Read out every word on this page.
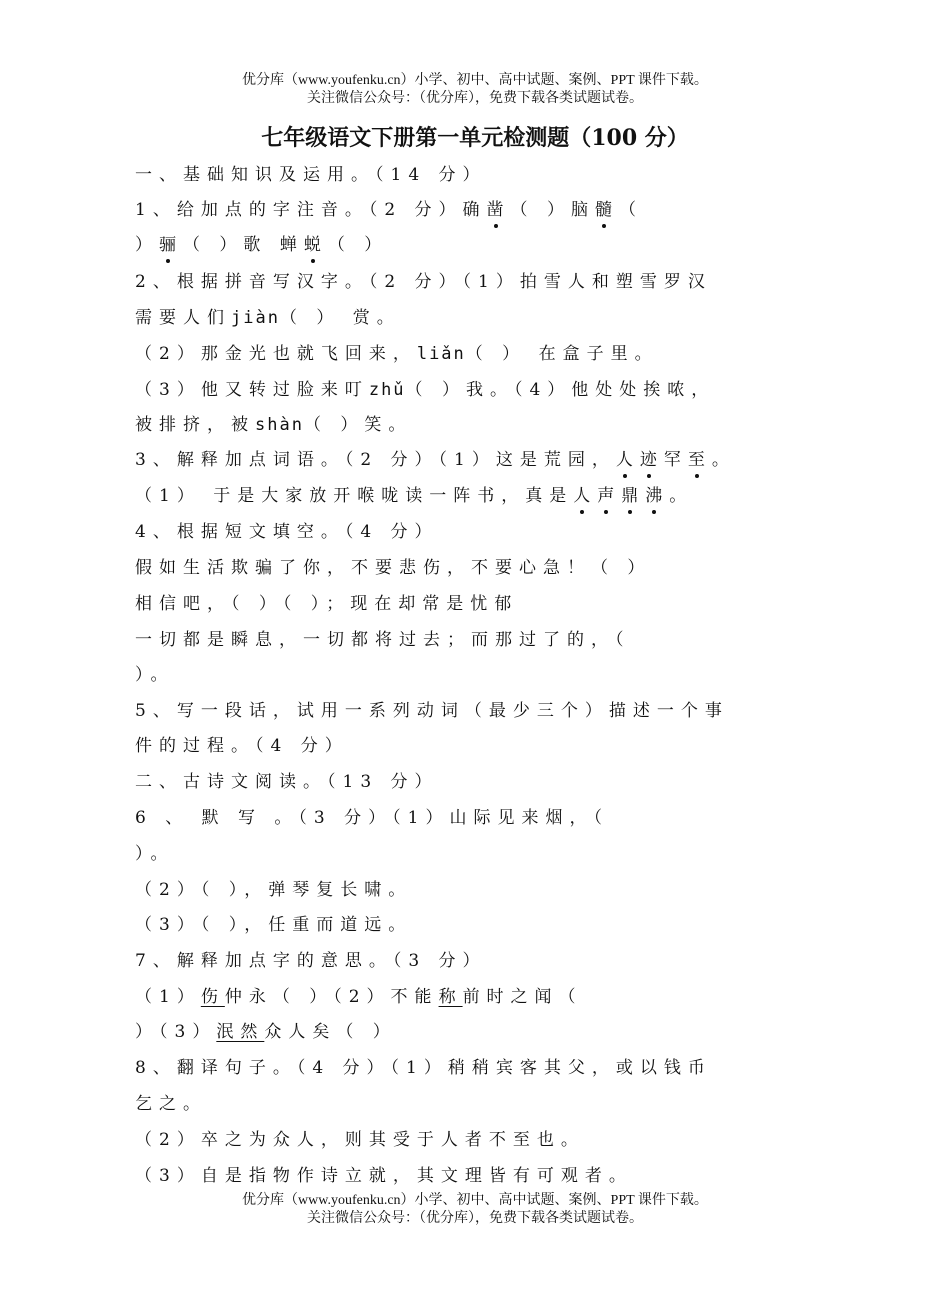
优分库（www.youfenku.cn）小学、初中、高中试题、案例、PPT 课件下载。
关注微信公众号：（优分库），免费下载各类试题试卷。
七年级语文下册第一单元检测题（100 分）
一、基础知识及运用。（14 分）
1、给加点的字注音。（2 分）确凿（ ）脑髓（
）骊（ ）歌 蝉蜕（ ）
2、根据拼音写汉字。（2 分）（1）拍雪人和塑雪罗汉
需要人们jiàn（ ） 赏。
（2）那金光也就飞回来，liǎn（ ） 在盒子里。
（3）他又转过脸来叮zhǔ（ ）我。（4）他处处挨哝，
被排挤，被shàn（ ）笑。
3、解释加点词语。（2 分）（1）这是荒园，人迹罕至。
（1） 于是大家放开喉咙读一阵书，真是人声鼎沸。
4、根据短文填空。（4 分）
假如生活欺骗了你，不要悲伤，不要心急！（ ）
相信吧，（ ）（ ）；现在却常是忧郁
一切都是瞬息，一切都将过去；而那过了的，（
）。
5、写一段话，试用一系列动词（最少三个）描述一个事
件的过程。（4 分）
二、古诗文阅读。（13 分）
6 、 默 写 。（3 分）（1）山际见来烟，（
）。
（2）（ ），弹琴复长啸。
（3）（ ），任重而道远。
7、解释加点字的意思。（3 分）
（1）伤仲永（ ）（2）不能称前时之闻（
）（3）泯然众人矣（ ）
8、翻译句子。（4 分）（1）稍稍宾客其父，或以钱币
乞之。
（2）卒之为众人，则其受于人者不至也。
（3）自是指物作诗立就，其文理皆有可观者。
优分库（www.youfenku.cn）小学、初中、高中试题、案例、PPT 课件下载。
关注微信公众号：（优分库），免费下载各类试题试卷。
